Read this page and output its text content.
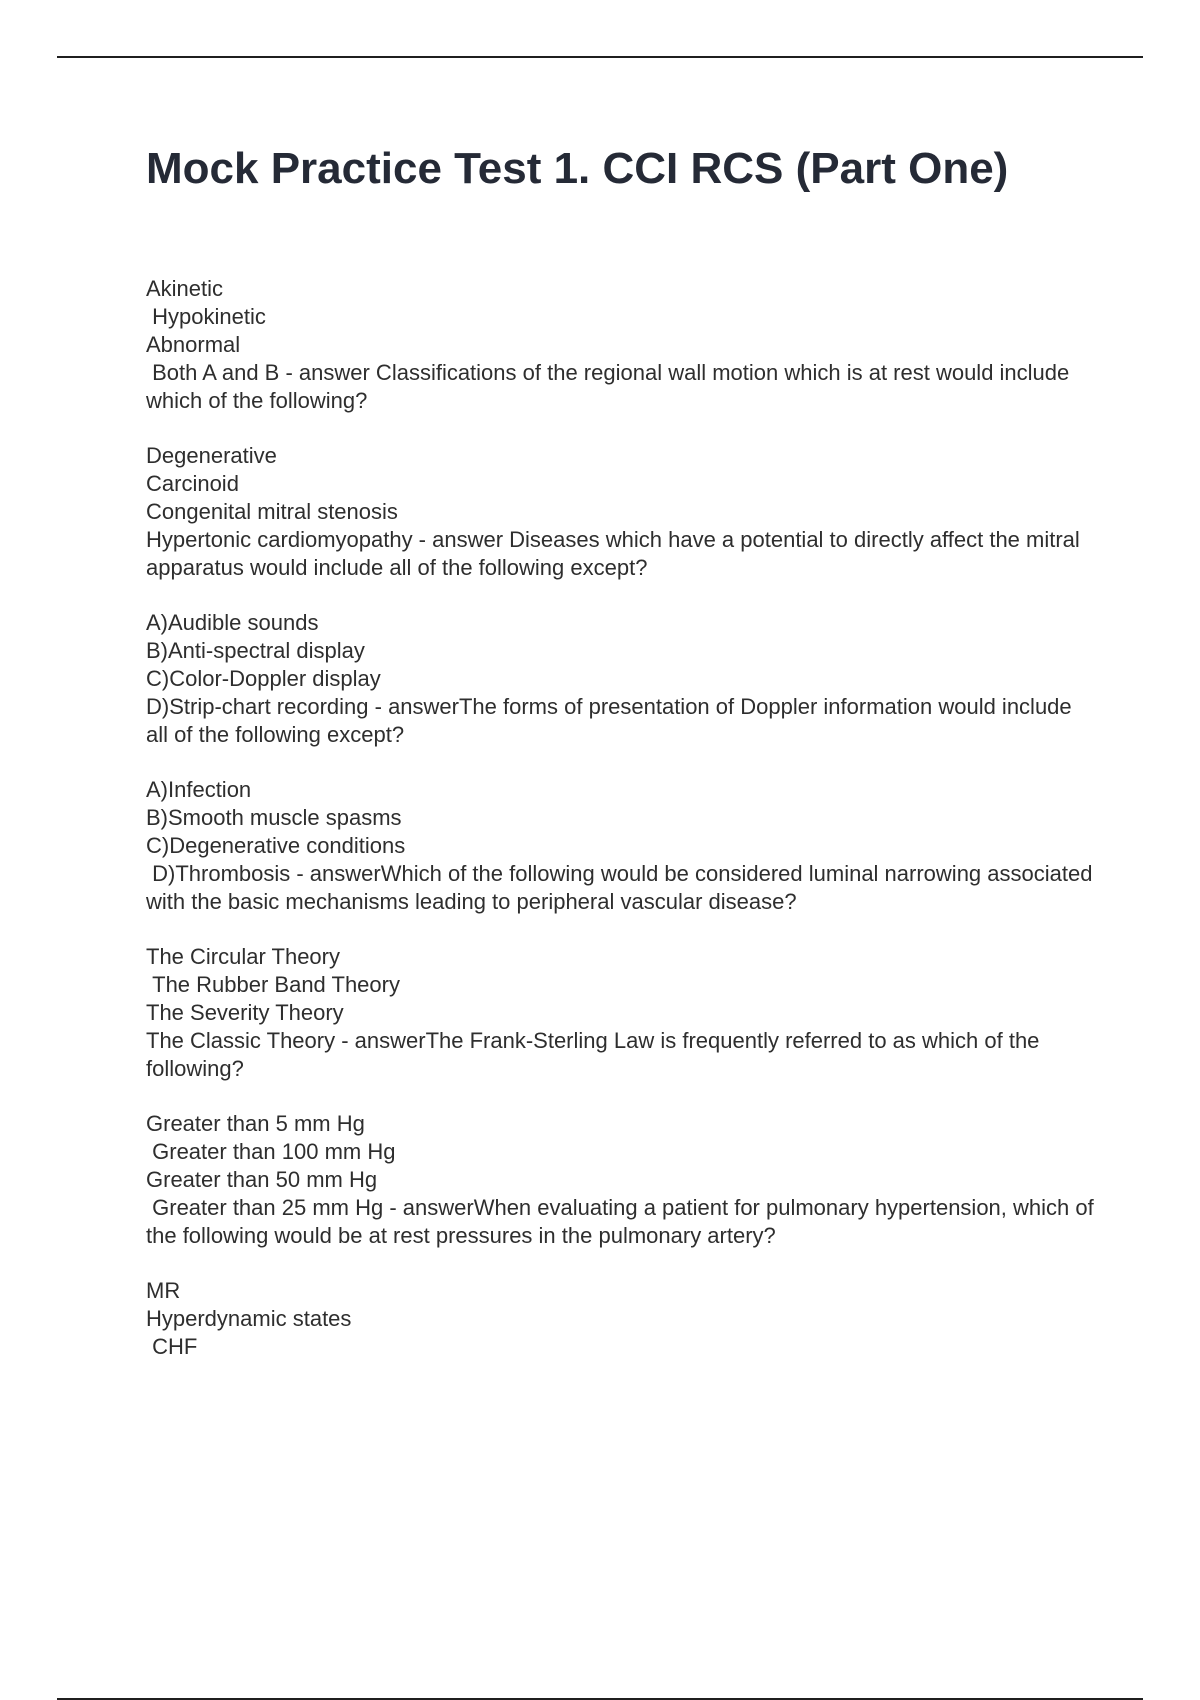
Mock Practice Test 1. CCI RCS (Part One)
Akinetic
Hypokinetic
Abnormal
Both A and B - answer Classifications of the regional wall motion which is at rest would include which of the following?
Degenerative
Carcinoid
Congenital mitral stenosis
Hypertonic cardiomyopathy - answer Diseases which have a potential to directly affect the mitral apparatus would include all of the following except?
A)Audible sounds
B)Anti-spectral display
C)Color-Doppler display
D)Strip-chart recording - answerThe forms of presentation of Doppler information would include all of the following except?
A)Infection
B)Smooth muscle spasms
C)Degenerative conditions
D)Thrombosis - answerWhich of the following would be considered luminal narrowing associated with the basic mechanisms leading to peripheral vascular disease?
The Circular Theory
The Rubber Band Theory
The Severity Theory
The Classic Theory - answerThe Frank-Sterling Law is frequently referred to as which of the following?
Greater than 5 mm Hg
Greater than 100 mm Hg
Greater than 50 mm Hg
Greater than 25 mm Hg - answerWhen evaluating a patient for pulmonary hypertension, which of the following would be at rest pressures in the pulmonary artery?
MR
Hyperdynamic states
CHF
